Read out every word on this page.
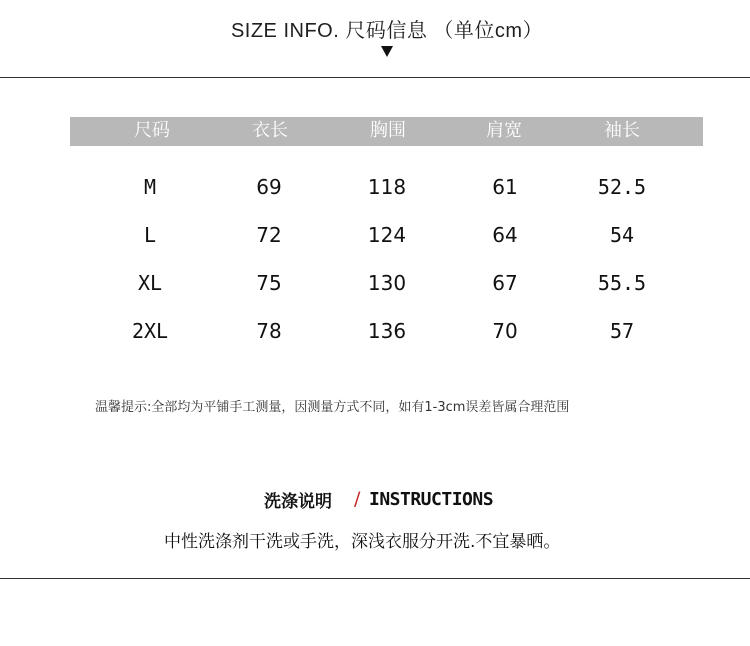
SIZE INFO. 尺码信息 （单位cm）
尺码	衣长	胸围	肩宽	袖长
M	69	118	61	52.5
L	72	124	64	54
XL	75	130	67	55.5
2XL	78	136	70	57
温馨提示:全部均为平铺手工测量，因测量方式不同，如有1-3cm误差皆属合理范围
洗涤说明 / INSTRUCTIONS
中性洗涤剂干洗或手洗，深浅衣服分开洗.不宜暴晒。
